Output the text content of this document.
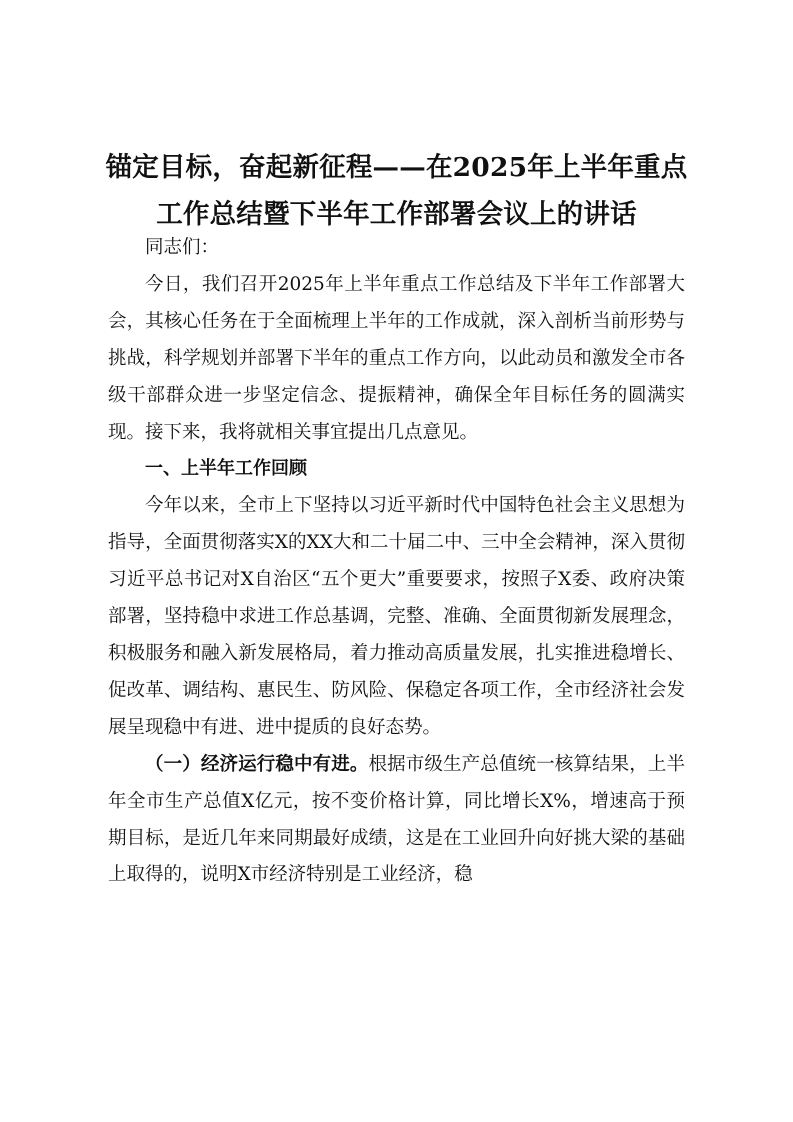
锚定目标，奋起新征程——在2025年上半年重点工作总结暨下半年工作部署会议上的讲话

同志们：

今日，我们召开2025年上半年重点工作总结及下半年工作部署大会，其核心任务在于全面梳理上半年的工作成就，深入剖析当前形势与挑战，科学规划并部署下半年的重点工作方向，以此动员和激发全市各级干部群众进一步坚定信念、提振精神，确保全年目标任务的圆满实现。接下来，我将就相关事宜提出几点意见。

一、上半年工作回顾

今年以来，全市上下坚持以习近平新时代中国特色社会主义思想为指导，全面贯彻落实X的XX大和二十届二中、三中全会精神，深入贯彻习近平总书记对X自治区“五个更大”重要要求，按照子X委、政府决策部署，坚持稳中求进工作总基调，完整、准确、全面贯彻新发展理念，积极服务和融入新发展格局，着力推动高质量发展，扎实推进稳增长、促改革、调结构、惠民生、防风险、保稳定各项工作，全市经济社会发展呈现稳中有进、进中提质的良好态势。

（一）经济运行稳中有进。根据市级生产总值统一核算结果，上半年全市生产总值X亿元，按不变价格计算，同比增长X%，增速高于预期目标，是近几年来同期最好成绩，这是在工业回升向好挑大梁的基础上取得的，说明X市经济特别是工业经济，稳
